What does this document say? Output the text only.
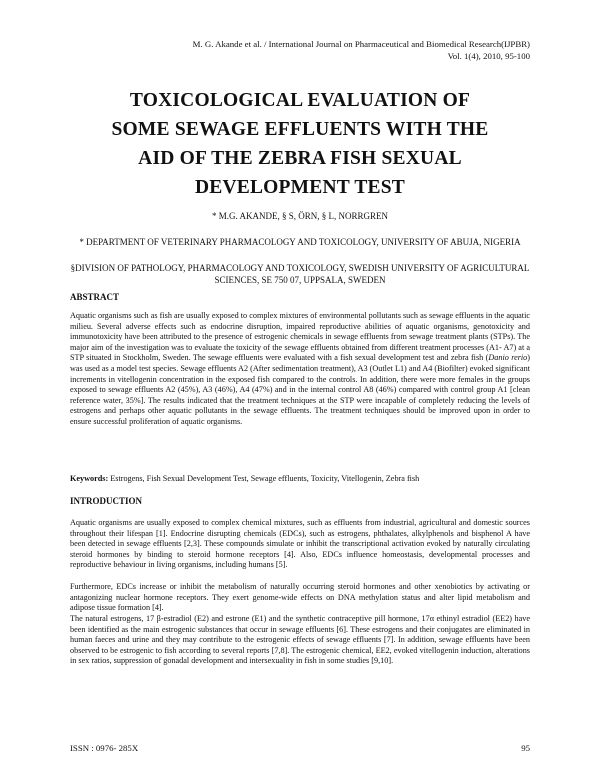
M. G. Akande et al. / International Journal on Pharmaceutical and Biomedical Research(IJPBR)
Vol. 1(4), 2010, 95-100
TOXICOLOGICAL EVALUATION OF
SOME SEWAGE EFFLUENTS WITH THE
AID OF THE ZEBRA FISH SEXUAL
DEVELOPMENT TEST
* M.G. AKANDE, § S, ÖRN, § L, NORRGREN
* DEPARTMENT OF VETERINARY PHARMACOLOGY AND TOXICOLOGY, UNIVERSITY OF ABUJA, NIGERIA
§DIVISION OF PATHOLOGY, PHARMACOLOGY AND TOXICOLOGY, SWEDISH UNIVERSITY OF AGRICULTURAL SCIENCES, SE 750 07, UPPSALA, SWEDEN
ABSTRACT

Aquatic organisms such as fish are usually exposed to complex mixtures of environmental pollutants such as sewage effluents in the aquatic milieu. Several adverse effects such as endocrine disruption, impaired reproductive abilities of aquatic organisms, genotoxicity and immunotoxicity have been attributed to the presence of estrogenic chemicals in sewage effluents from sewage treatment plants (STPs). The major aim of the investigation was to evaluate the toxicity of the sewage effluents obtained from different treatment processes (A1- A7) at a STP situated in Stockholm, Sweden. The sewage effluents were evaluated with a fish sexual development test and zebra fish (Danio rerio) was used as a model test species. Sewage effluents A2 (After sedimentation treatment), A3 (Outlet L1) and A4 (Biofilter) evoked significant increments in vitellogenin concentration in the exposed fish compared to the controls. In addition, there were more females in the groups exposed to sewage effluents A2 (45%), A3 (46%), A4 (47%) and in the internal control A8 (46%) compared with control group A1 [clean reference water, 35%]. The results indicated that the treatment techniques at the STP were incapable of completely reducing the levels of estrogens and perhaps other aquatic pollutants in the sewage effluents. The treatment techniques should be improved upon in order to ensure successful proliferation of aquatic organisms.

Keywords: Estrogens, Fish Sexual Development Test, Sewage effluents, Toxicity, Vitellogenin, Zebra fish

INTRODUCTION

Aquatic organisms are usually exposed to complex chemical mixtures, such as effluents from industrial, agricultural and domestic sources throughout their lifespan [1]. Endocrine disrupting chemicals (EDCs), such as estrogens, phthalates, alkylphenols and bisphenol A have been detected in sewage effluents [2,3]. These compounds simulate or inhibit the transcriptional activation evoked by naturally circulating steroid hormones by binding to steroid hormone receptors [4]. Also, EDCs influence homeostasis, developmental processes and reproductive behaviour in living organisms, including humans [5].

Furthermore, EDCs increase or inhibit the metabolism of naturally occurring steroid hormones and other xenobiotics by activating or antagonizing nuclear hormone receptors. They exert genome-wide effects on DNA methylation status and alter lipid metabolism and adipose tissue formation [4].

The natural estrogens, 17 β-estradiol (E2) and estrone (E1) and the synthetic contraceptive pill hormone, 17α ethinyl estradiol (EE2) have been identified as the main estrogenic substances that occur in sewage effluents [6]. These estrogens and their conjugates are eliminated in human faeces and urine and they may contribute to the estrogenic effects of sewage effluents [7]. In addition, sewage effluents have been observed to be estrogenic to fish according to several reports [7,8]. The estrogenic chemical, EE2, evoked vitellogenin induction, alterations in sex ratios, suppression of gonadal development and intersexuality in fish in some studies [9,10].

ISSN : 0976- 285X	95
